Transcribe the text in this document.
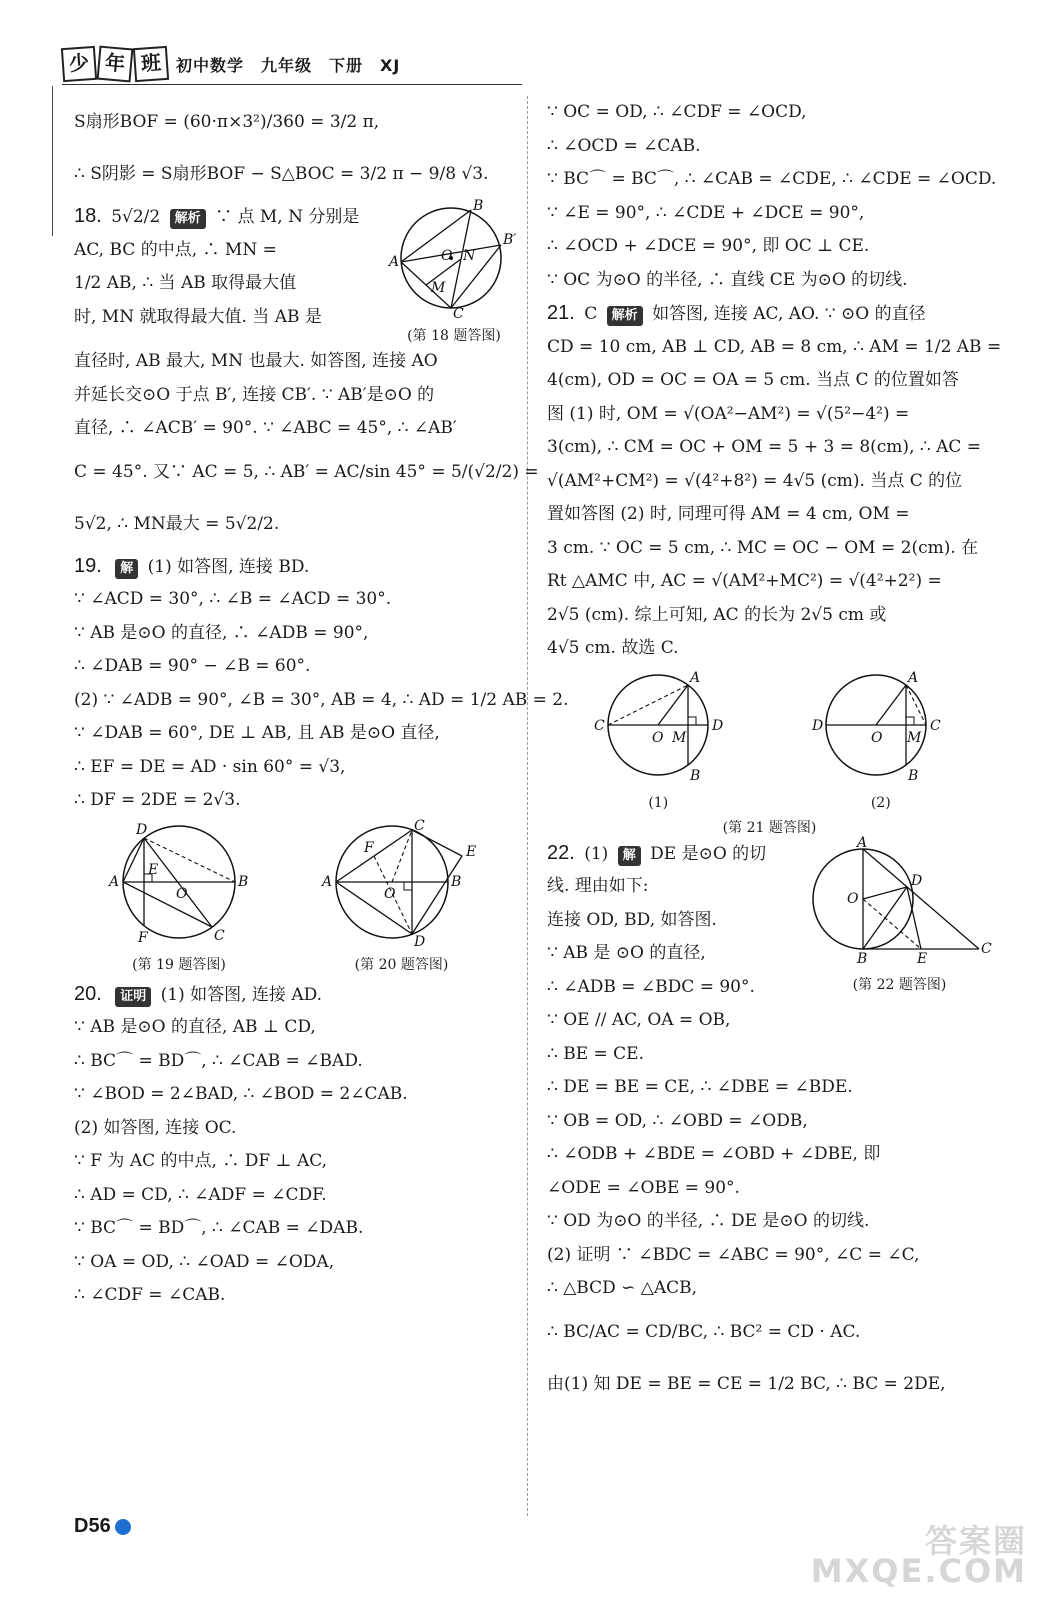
少 年 班 初中数学　九年级　下册　XJ
S扇形BOF = (60·π×3²)/360 = 3/2 π,
∴ S阴影 = S扇形BOF − S△BOC = 3/2 π − 9/8 √3.
18. 5√2/2 解析 ∵ 点 M, N 分别是
AC, BC 的中点, ∴ MN =
1/2 AB, ∴ 当 AB 取得最大值
时, MN 就取得最大值. 当 AB 是
B
B′
A
C
O N
M
(第 18 题答图)
直径时, AB 最大, MN 也最大. 如答图, 连接 AO
并延长交⊙O 于点 B′, 连接 CB′. ∵ AB′是⊙O 的
直径, ∴ ∠ACB′ = 90°. ∵ ∠ABC = 45°, ∴ ∠AB′
C = 45°. 又∵ AC = 5, ∴ AB′ = AC/sin 45° = 5/(√2/2) =
5√2, ∴ MN最大 = 5√2/2.
19. 解 (1) 如答图, 连接 BD.
∵ ∠ACD = 30°, ∴ ∠B = ∠ACD = 30°.
∵ AB 是⊙O 的直径, ∴ ∠ADB = 90°,
∴ ∠DAB = 90° − ∠B = 60°.
(2) ∵ ∠ADB = 90°, ∠B = 30°, AB = 4, ∴ AD = 1/2 AB = 2.
∵ ∠DAB = 60°, DE ⊥ AB, 且 AB 是⊙O 直径,
∴ EF = DE = AD · sin 60° = √3,
∴ DF = 2DE = 2√3.
D
A	B
E
O
F	C
(第 19 题答图)
C
F	E
A	B
O
D
(第 20 题答图)
20. 证明 (1) 如答图, 连接 AD.
∵ AB 是⊙O 的直径, AB ⊥ CD,
∴ BC⌒ = BD⌒, ∴ ∠CAB = ∠BAD.
∵ ∠BOD = 2∠BAD, ∴ ∠BOD = 2∠CAB.
(2) 如答图, 连接 OC.
∵ F 为 AC 的中点, ∴ DF ⊥ AC,
∴ AD = CD, ∴ ∠ADF = ∠CDF.
∵ BC⌒ = BD⌒, ∴ ∠CAB = ∠DAB.
∵ OA = OD, ∴ ∠OAD = ∠ODA,
∴ ∠CDF = ∠CAB.
∵ OC = OD, ∴ ∠CDF = ∠OCD,
∴ ∠OCD = ∠CAB.
∵ BC⌒ = BC⌒, ∴ ∠CAB = ∠CDE, ∴ ∠CDE = ∠OCD.
∵ ∠E = 90°, ∴ ∠CDE + ∠DCE = 90°,
∴ ∠OCD + ∠DCE = 90°, 即 OC ⊥ CE.
∵ OC 为⊙O 的半径, ∴ 直线 CE 为⊙O 的切线.
21. C 解析 如答图, 连接 AC, AO. ∵ ⊙O 的直径
CD = 10 cm, AB ⊥ CD, AB = 8 cm, ∴ AM = 1/2 AB =
4(cm), OD = OC = OA = 5 cm. 当点 C 的位置如答
图 (1) 时, OM = √(OA²−AM²) = √(5²−4²) =
3(cm), ∴ CM = OC + OM = 5 + 3 = 8(cm), ∴ AC =
√(AM²+CM²) = √(4²+8²) = 4√5 (cm). 当点 C 的位
置如答图 (2) 时, 同理可得 AM = 4 cm, OM =
3 cm. ∵ OC = 5 cm, ∴ MC = OC − OM = 2(cm). 在
Rt △AMC 中, AC = √(AM²+MC²) = √(4²+2²) =
2√5 (cm). 综上可知, AC 的长为 2√5 cm 或
4√5 cm. 故选 C.
A
C	D
O M
B
(1)
A
D	C
O M
B
(2)
(第 21 题答图)
22. (1) 解 DE 是⊙O 的切
线. 理由如下:
连接 OD, BD, 如答图.
∵ AB 是 ⊙O 的直径,
∴ ∠ADB = ∠BDC = 90°.
A
D
O
B	E
C
(第 22 题答图)
∵ OE // AC, OA = OB,
∴ BE = CE.
∴ DE = BE = CE, ∴ ∠DBE = ∠BDE.
∵ OB = OD, ∴ ∠OBD = ∠ODB,
∴ ∠ODB + ∠BDE = ∠OBD + ∠DBE, 即
∠ODE = ∠OBE = 90°.
∵ OD 为⊙O 的半径, ∴ DE 是⊙O 的切线.
(2) 证明 ∵ ∠BDC = ∠ABC = 90°, ∠C = ∠C,
∴ △BCD ∽ △ACB,
∴ BC/AC = CD/BC, ∴ BC² = CD · AC.
由(1) 知 DE = BE = CE = 1/2 BC, ∴ BC = 2DE,
D56	答案圈
MXQE.COM
